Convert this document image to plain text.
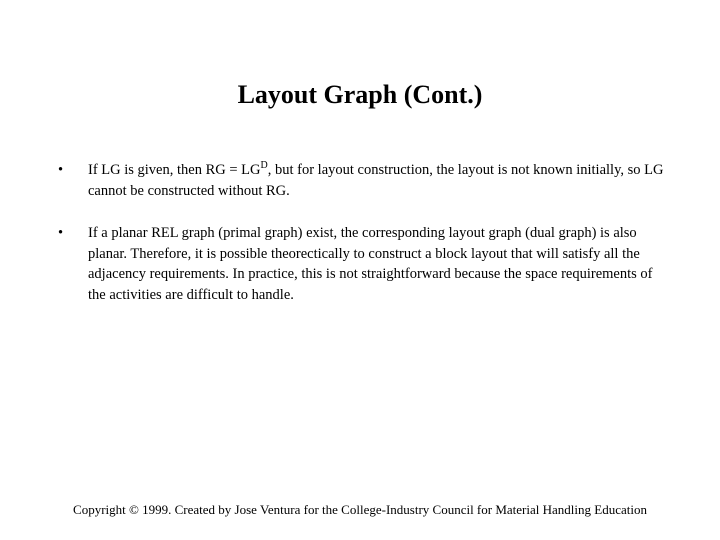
Layout Graph (Cont.)
• If LG is given, then RG = $LG^D$, but for layout construction, the layout is not known initially, so LG cannot be constructed without RG.
• If a planar REL graph (primal graph) exist, the corresponding layout graph (dual graph) is also planar. Therefore, it is possible theorectically to construct a block layout that will satisfy all the adjacency requirements. In practice, this is not straightforward because the space requirements of the activities are difficult to handle.
Copyright © 1999. Created by Jose Ventura for the College-Industry Council for Material Handling Education
